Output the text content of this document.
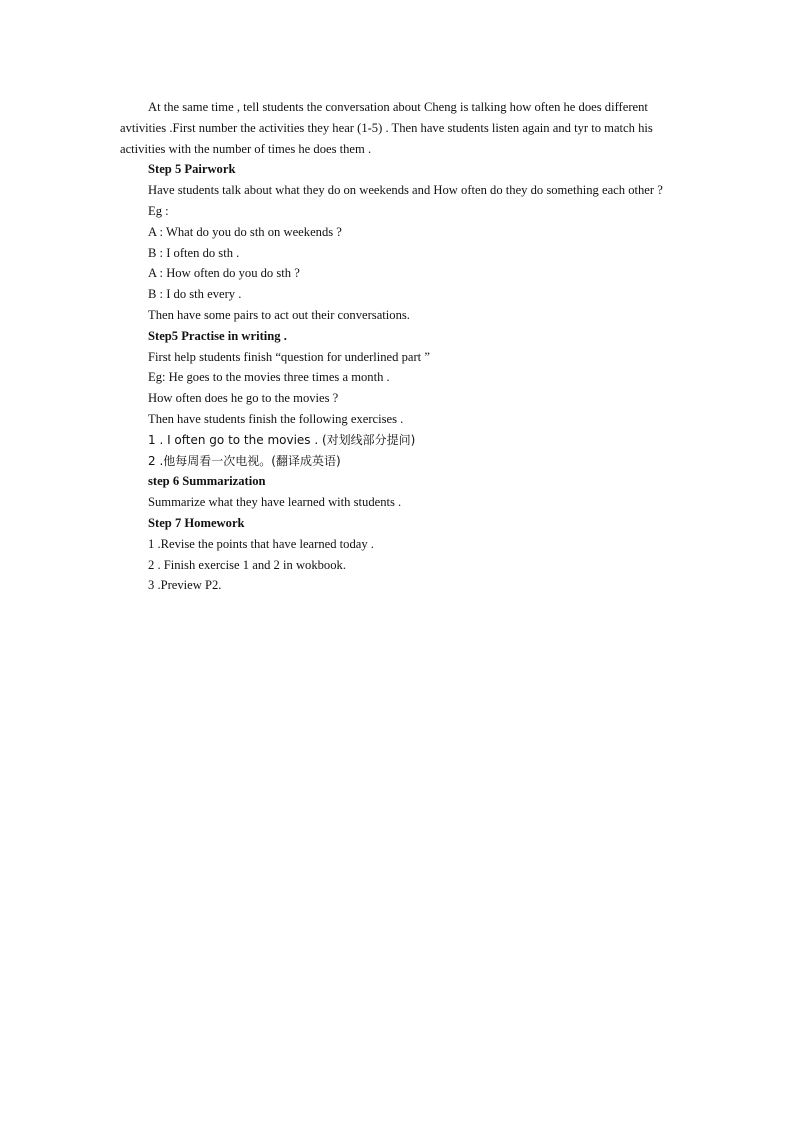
At the same time , tell students the conversation about Cheng is talking how often he does different avtivities .First number the activities they hear (1-5) . Then have students listen again and tyr to match his activities with the number of times he does them .

Step 5 Pairwork

Have students talk about what they do on weekends and How often do they do something each other ?

Eg :

A : What do you do sth on weekends ?

B : I often do sth .

A : How often do you do sth ?

B : I do sth every .

Then have some pairs to act out their conversations.

Step5 Practise in writing .

First help students finish “question for underlined part ”

Eg: He goes to the movies three times a month .

How often does he go to the movies ?

Then have students finish the following exercises .

1 . I often go to the movies . (对划线部分提问)

2 .他每周看一次电视。(翻译成英语)

step 6 Summarization

Summarize what they have learned with students .

Step 7 Homework

1 .Revise the points that have learned today .

2 . Finish exercise 1 and 2 in wokbook.

3 .Preview P2.
